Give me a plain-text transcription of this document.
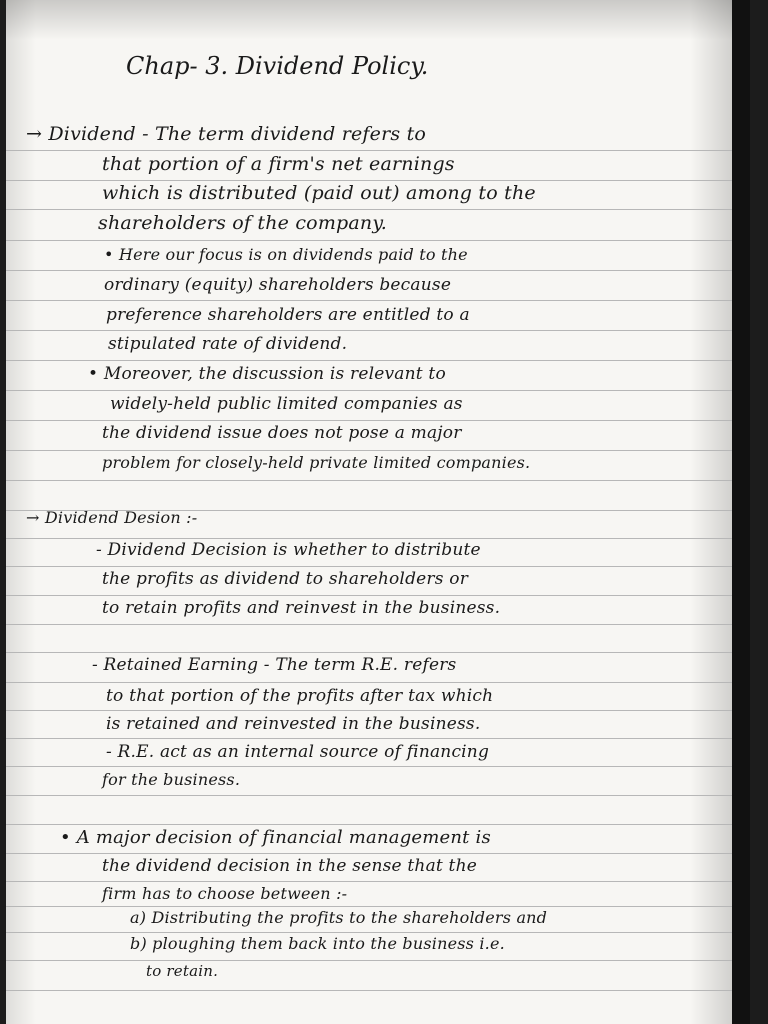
Chap- 3. Dividend Policy.
→ Dividend - The term dividend refers to
that portion of a firm's net earnings
which is distributed (paid out) among to the
shareholders of the company.
• Here our focus is on dividends paid to the
ordinary (equity) shareholders because
preference shareholders are entitled to a
stipulated rate of dividend.
• Moreover, the discussion is relevant to
widely-held public limited companies as
the dividend issue does not pose a major
problem for closely-held private limited companies.
→ Dividend Desion :-
- Dividend Decision is whether to distribute
the profits as dividend to shareholders or
to retain profits and reinvest in the business.
- Retained Earning - The term R.E. refers
to that portion of the profits after tax which
is retained and reinvested in the business.
- R.E. act as an internal source of financing
for the business.
• A major decision of financial management is
the dividend decision in the sense that the
firm has to choose between :-
a) Distributing the profits to the shareholders and
b) ploughing them back into the business i.e.
to retain.
